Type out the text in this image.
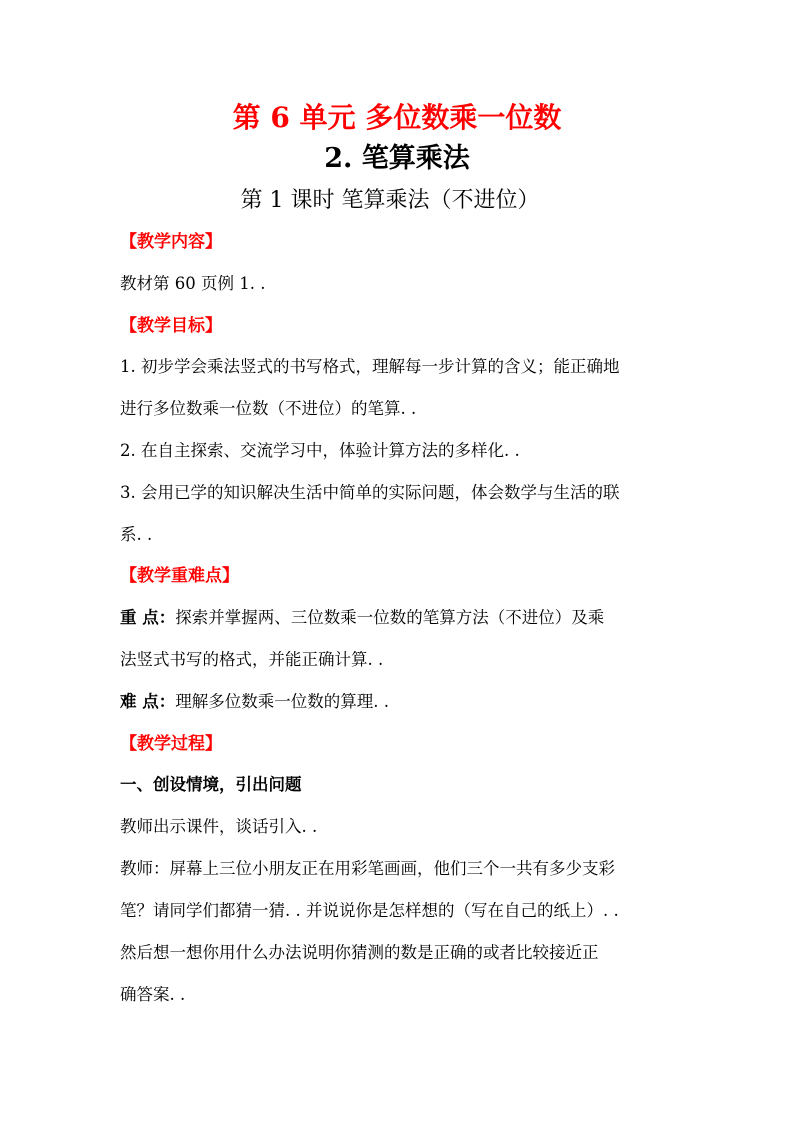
第 6 单元 多位数乘一位数
2. 笔算乘法
第 1 课时 笔算乘法（不进位）
【教学内容】
教材第 60 页例 1. .
【教学目标】
1. 初步学会乘法竖式的书写格式，理解每一步计算的含义；能正确地
进行多位数乘一位数（不进位）的笔算. .
2. 在自主探索、交流学习中，体验计算方法的多样化. .
3. 会用已学的知识解决生活中简单的实际问题，体会数学与生活的联
系. .
【教学重难点】
重 点：探索并掌握两、三位数乘一位数的笔算方法（不进位）及乘
法竖式书写的格式，并能正确计算. .
难 点：理解多位数乘一位数的算理. .
【教学过程】
一、创设情境，引出问题
教师出示课件，谈话引入. .
教师：屏幕上三位小朋友正在用彩笔画画，他们三个一共有多少支彩
笔？请同学们都猜一猜. . 并说说你是怎样想的（写在自己的纸上）. .
然后想一想你用什么办法说明你猜测的数是正确的或者比较接近正
确答案. .
